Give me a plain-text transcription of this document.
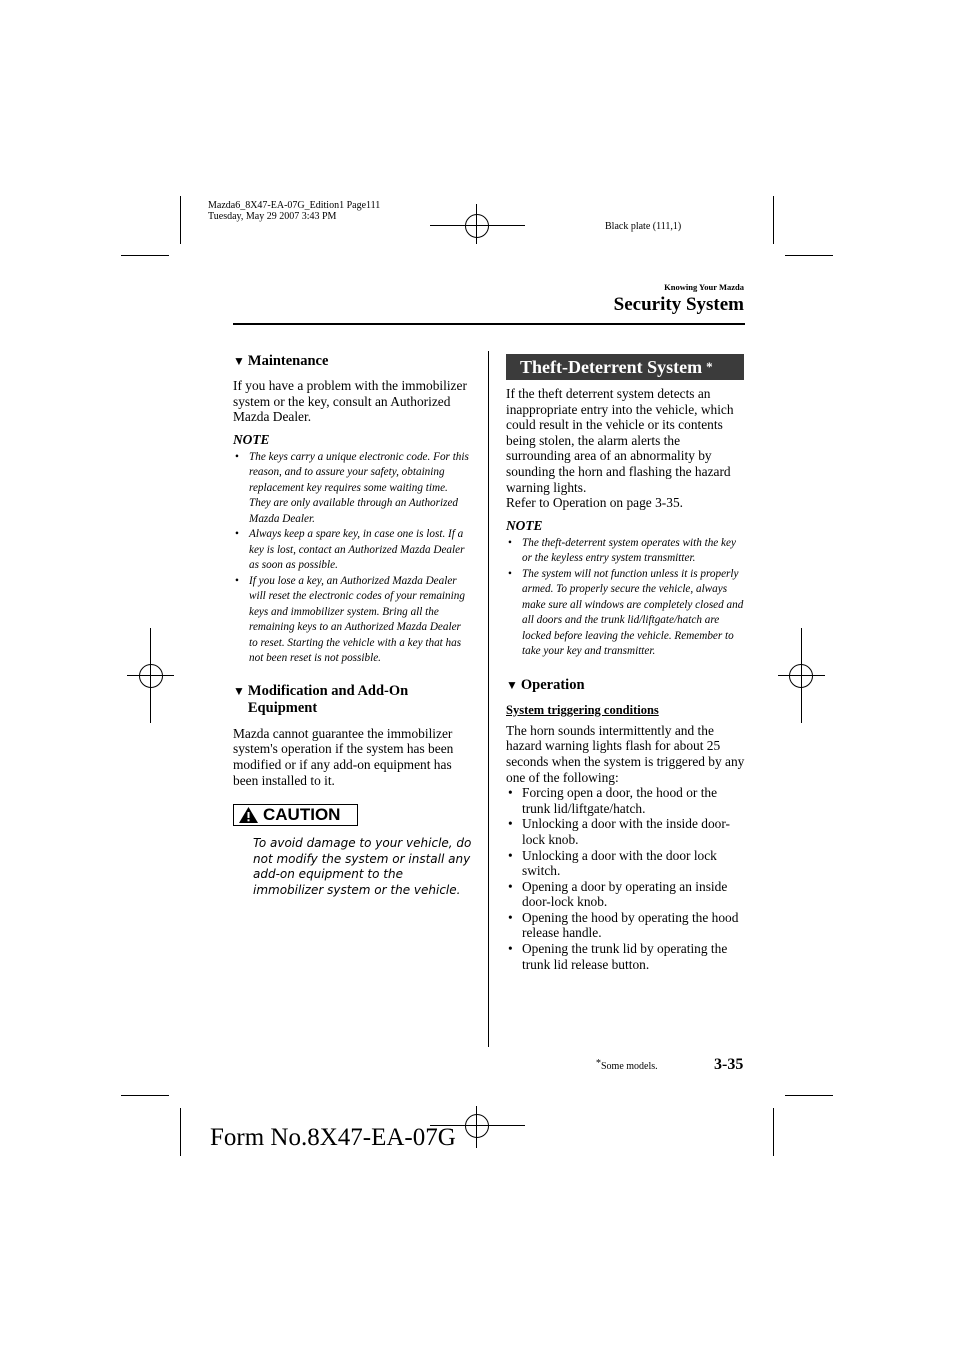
Mazda6_8X47-EA-07G_Edition1 Page111
Tuesday, May 29 2007 3:43 PM
Black plate (111,1)
Knowing Your Mazda
Security System
▼ Maintenance

If you have a problem with the immobilizer system or the key, consult an Authorized Mazda Dealer.

NOTE

• The keys carry a unique electronic code. For this reason, and to assure your safety, obtaining replacement key requires some waiting time. They are only available through an Authorized Mazda Dealer.
• Always keep a spare key, in case one is lost. If a key is lost, contact an Authorized Mazda Dealer as soon as possible.
• If you lose a key, an Authorized Mazda Dealer will reset the electronic codes of your remaining keys and immobilizer system. Bring all the remaining keys to an Authorized Mazda Dealer to reset. Starting the vehicle with a key that has not been reset is not possible.
▼ Modification and Add-On
Equipment

Mazda cannot guarantee the immobilizer system's operation if the system has been modified or if any add-on equipment has been installed to it.

CAUTION

To avoid damage to your vehicle, do not modify the system or install any add-on equipment to the immobilizer system or the vehicle.

Theft-Deterrent System *

If the theft deterrent system detects an inappropriate entry into the vehicle, which could result in the vehicle or its contents being stolen, the alarm alerts the surrounding area of an abnormality by sounding the horn and flashing the hazard warning lights.

Refer to Operation on page 3-35.

NOTE

• The theft-deterrent system operates with the key or the keyless entry system transmitter.
• The system will not function unless it is properly armed. To properly secure the vehicle, always make sure all windows are completely closed and all doors and the trunk lid/liftgate/hatch are locked before leaving the vehicle. Remember to take your key and transmitter.
▼ Operation
System triggering conditions

The horn sounds intermittently and the hazard warning lights flash for about 25 seconds when the system is triggered by any one of the following:

• Forcing open a door, the hood or the trunk lid/liftgate/hatch.
• Unlocking a door with the inside door-lock knob.
• Unlocking a door with the door lock switch.
• Opening a door by operating an inside door-lock knob.
• Opening the hood by operating the hood release handle.
• Opening the trunk lid by operating the trunk lid release button.
*Some models.	3-35
Form No.8X47-EA-07G
